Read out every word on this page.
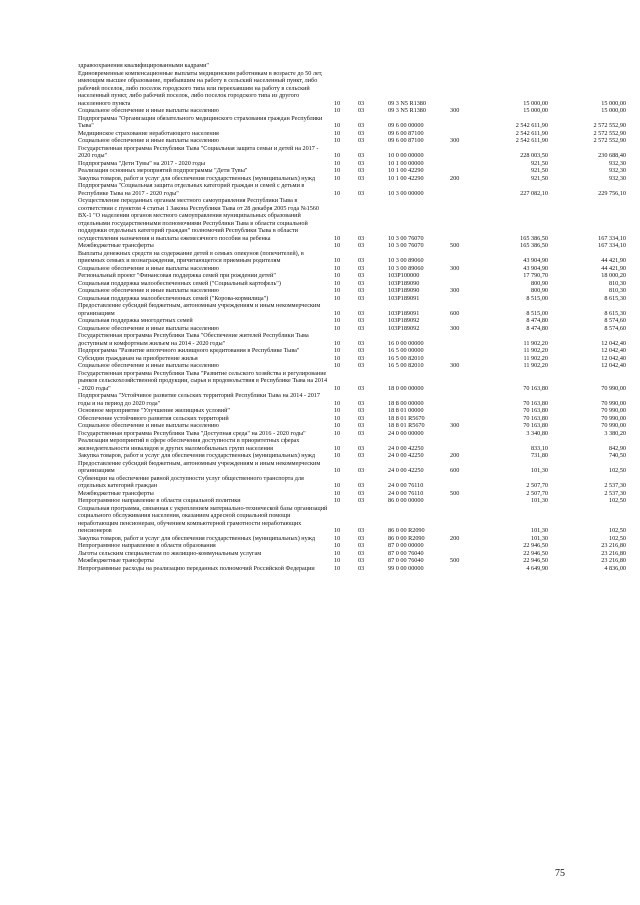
здравоохранения квалифицированными кадрами"						
Единовременные компенсационные выплаты медицинским работникам в возрасте до 50 лет, имеющим высшее образование, прибывшим на работу в сельский населенный пункт, либо рабочий поселок, либо поселок городского типа или переехавшим на работу в сельский населенный пункт, либо рабочий поселок, либо поселок городского типа из другого населенного пункта	10	03	09 3 N5 R1380		15 000,00	15 000,00
Социальное обеспечение и иные выплаты населению	10	03	09 3 N5 R1380	300	15 000,00	15 000,00
Подпрограмма "Организация обязательного медицинского страхования граждан Республики Тыва"	10	03	09 6 00 00000		2 542 611,90	2 572 552,90
Медицинское страхование неработающего населения	10	03	09 6 00 87100		2 542 611,90	2 572 552,90
Социальное обеспечение и иные выплаты населению	10	03	09 6 00 87100	300	2 542 611,90	2 572 552,90
Государственная программа Республики Тыва "Социальная защита семьи и детей на 2017 - 2020 годы"	10	03	10 0 00 00000		228 003,50	230 688,40
Подпрограмма "Дети Тувы" на 2017 - 2020 годы	10	03	10 1 00 00000		921,50	932,30
Реализация основных мероприятий подпрограммы "Дети Тувы"	10	03	10 1 00 42290		921,50	932,30
Закупка товаров, работ и услуг для обеспечения государственных (муниципальных) нужд	10	03	10 1 00 42290	200	921,50	932,30
Подпрограмма "Социальная защита отдельных категорий граждан и семей с детьми в Республике Тыва на 2017 - 2020 годы"	10	03	10 3 00 00000		227 082,10	229 756,10
Осуществление переданных органам местного самоуправления Республики Тыва в соответствии с пунктом 4 статьи 1 Закона Республики Тыва от 28 декабря 2005 года №1560 ВХ-1 "О наделении органов местного самоуправления муниципальных образований отдельными государственными полномочиями Республики Тыва в области социальной поддержки отдельных категорий граждан" полномочий Республики Тыва в области осуществления назначения и выплаты ежемесячного пособия на ребенка	10	03	10 3 00 76070		165 386,50	167 334,10
Межбюджетные трансферты	10	03	10 3 00 76070	500	165 386,50	167 334,10
Выплаты денежных средств на содержание детей в семьях опекунов (попечителей), в приемных семьях и вознаграждения, причитающегося приемным родителям	10	03	10 3 00 89060		43 904,90	44 421,90
Социальное обеспечение и иные выплаты населению	10	03	10 3 00 89060	300	43 904,90	44 421,90
Региональный проект "Финансовая поддержка семей при рождении детей"	10	03	103P100000		17 790,70	18 000,20
Социальная поддержка малообеспеченных семей ("Социальный картофель")	10	03	103P189090		800,90	810,30
Социальное обеспечение и иные выплаты населению	10	03	103P189090	300	800,90	810,30
Социальная поддержка малообеспеченных семей ("Корова-кормилица")	10	03	103P189091		8 515,00	8 615,30
Предоставление субсидий бюджетным, автономным учреждениям и иным некоммерческим организациям	10	03	103P189091	600	8 515,00	8 615,30
Социальная поддержка многодетных семей	10	03	103P189092		8 474,80	8 574,60
Социальное обеспечение и иные выплаты населению	10	03	103P189092	300	8 474,80	8 574,60
Государственная программа Республики Тыва "Обеспечение жителей Республики Тыва доступным и комфортным жильем на 2014 - 2020 годы"	10	03	16 0 00 00000		11 902,20	12 042,40
Подпрограмма "Развитие ипотечного жилищного кредитования в Республике Тыва"	10	03	16 5 00 00000		11 902,20	12 042,40
Субсидии гражданам на приобретение жилья	10	03	16 5 00 82010		11 902,20	12 042,40
Социальное обеспечение и иные выплаты населению	10	03	16 5 00 82010	300	11 902,20	12 042,40
Государственная программа Республики Тыва "Развитие сельского хозяйства и регулирование рынков сельскохозяйственной продукции, сырья и продовольствия в Республике Тыва на 2014 - 2020 годы"	10	03	18 0 00 00000		70 163,80	70 990,00
Подпрограмма "Устойчивое развитие сельских территорий Республики Тыва на 2014 - 2017 годы и на период до 2020 года"	10	03	18 8 00 00000		70 163,80	70 990,00
Основное мероприятие "Улучшение жилищных условий"	10	03	18 8 01 00000		70 163,80	70 990,00
Обеспечение устойчивого развития сельских территорий	10	03	18 8 01 R5670		70 163,80	70 990,00
Социальное обеспечение и иные выплаты населению	10	03	18 8 01 R5670	300	70 163,80	70 990,00
Государственная программа Республики Тыва "Доступная среда" на 2016 - 2020 годы"	10	03	24 0 00 00000		3 340,80	3 380,20
Реализация мероприятий в сфере обеспечения доступности в приоритетных сферах жизнедеятельности инвалидов и других маломобильных групп населения	10	03	24 0 00 42250		833,10	842,90
Закупка товаров, работ и услуг для обеспечения государственных (муниципальных) нужд	10	03	24 0 00 42250	200	731,80	740,50
Предоставление субсидий бюджетным, автономным учреждениям и иным некоммерческим организациям	10	03	24 0 00 42250	600	101,30	102,50
Субвенции на обеспечение равной доступности услуг общественного транспорта для отдельных категорий граждан	10	03	24 0 00 76110		2 507,70	2 537,30
Межбюджетные трансферты	10	03	24 0 00 76110	500	2 507,70	2 537,30
Непрограммное направление в области социальной политики	10	03	86 0 00 00000		101,30	102,50
Социальная программа, связанная с укреплением материально-технической базы организаций социального обслуживания населения, оказанием адресной социальной помощи неработающим пенсионерам, обучением компьютерной грамотности неработающих пенсионеров	10	03	86 0 00 R2090		101,30	102,50
Закупка товаров, работ и услуг для обеспечения государственных (муниципальных) нужд	10	03	86 0 00 R2090	200	101,30	102,50
Непрограммное направление в области образования	10	03	87 0 00 00000		22 946,50	23 216,80
Льготы сельским специалистам по жилищно-коммунальным услугам	10	03	87 0 00 76040		22 946,50	23 216,80
Межбюджетные трансферты	10	03	87 0 00 76040	500	22 946,50	23 216,80
Непрограммные расходы на реализацию переданных полномочий Российской Федерации	10	03	99 0 00 00000		4 649,90	4 836,00
75
